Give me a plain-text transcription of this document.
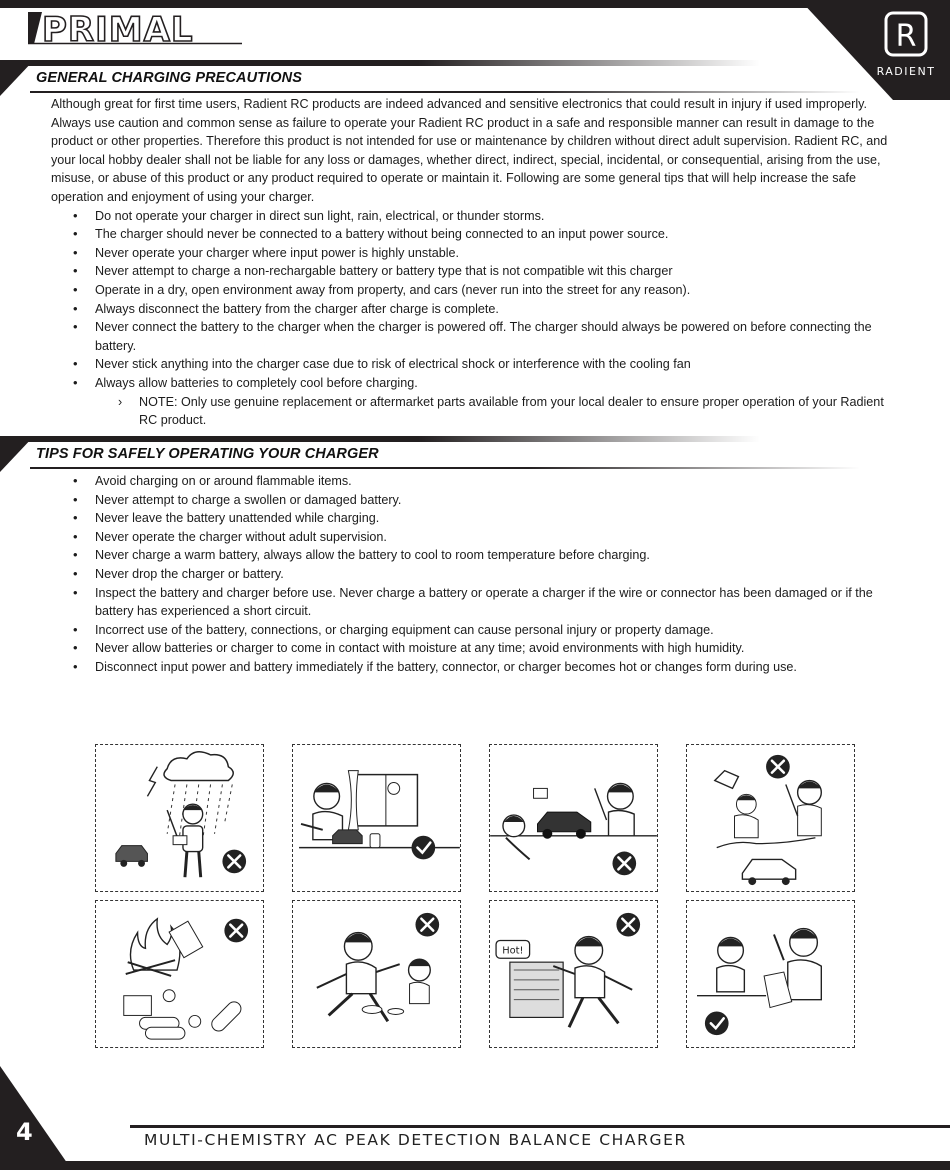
PRIMAL	R
RADIENT
GENERAL CHARGING PRECAUTIONS

Although great for first time users, Radient RC products are indeed advanced and sensitive electronics that could result in injury if used improperly. Always use caution and common sense as failure to operate your Radient RC product in a safe and responsible manner can result in damage to the product or other properties. Therefore this product is not intended for use or maintenance by children without direct adult supervision. Radient RC, and your local hobby dealer shall not be liable for any loss or damages, whether direct, indirect, special, incidental, or consequential, arising from the use, misuse, or abuse of this product or any product required to operate or maintain it. Following are some general tips that will help increase the safe operation and enjoyment of using your charger.

• Do not operate your charger in direct sun light, rain, electrical, or thunder storms.
• The charger should never be connected to a battery without being connected to an input power source.
• Never operate your charger where input power is highly unstable.
• Never attempt to charge a non-rechargable battery or battery type that is not compatible wit this charger
• Operate in a dry, open environment away from property, and cars (never run into the street for any reason).
• Always disconnect the battery from the charger after charge is complete.
• Never connect the battery to the charger when the charger is powered off. The charger should always be powered on before connecting the battery.
• Never stick anything into the charger case due to risk of electrical shock or interference with the cooling fan
• Always allow batteries to completely cool before charging.
› NOTE: Only use genuine replacement or aftermarket parts available from your local dealer to ensure proper operation of your Radient RC product.
TIPS FOR SAFELY OPERATING YOUR CHARGER
• Avoid charging on or around flammable items.
• Never attempt to charge a swollen or damaged battery.
• Never leave the battery unattended while charging.
• Never operate the charger without adult supervision.
• Never charge a warm battery, always allow the battery to cool to room temperature before charging.
• Never drop the charger or battery.
• Inspect the battery and charger before use. Never charge a battery or operate a charger if the wire or connector has been damaged or if the battery has experienced a short circuit.
• Incorrect use of the battery, connections, or charging equipment can cause personal injury or property damage.
• Never allow batteries or charger to come in contact with moisture at any time; avoid environments with high humidity.
• Disconnect input power and battery immediately if the battery, connector, or charger becomes hot or changes form during use.
Hot!
4	MULTI-CHEMISTRY AC PEAK DETECTION BALANCE CHARGER
